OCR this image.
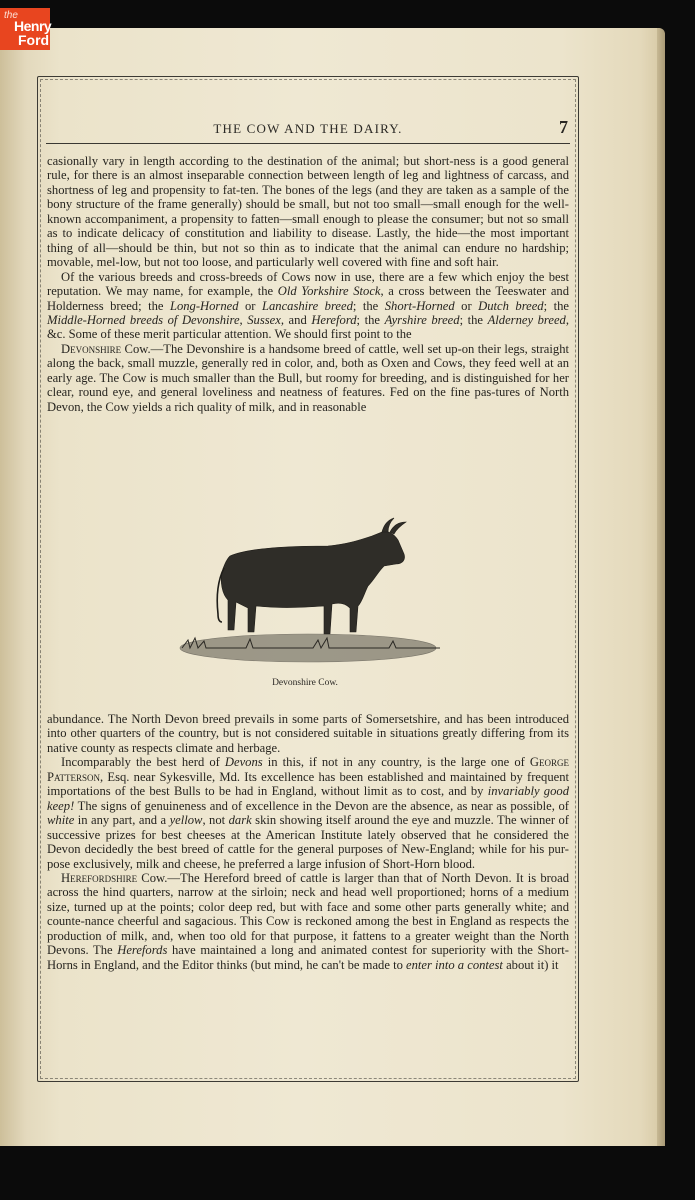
the
Henry
Ford
THE COW AND THE DAIRY.	7

casionally vary in length according to the destination of the animal; but short-ness is a good general rule, for there is an almost inseparable connection between length of leg and lightness of carcass, and shortness of leg and propensity to fat-ten. The bones of the legs (and they are taken as a sample of the bony structure of the frame generally) should be small, but not too small—small enough for the well-known accompaniment, a propensity to fatten—small enough to please the consumer; but not so small as to indicate delicacy of constitution and liability to disease. Lastly, the hide—the most important thing of all—should be thin, but not so thin as to indicate that the animal can endure no hardship; movable, mel-low, but not too loose, and particularly well covered with fine and soft hair.

Of the various breeds and cross-breeds of Cows now in use, there are a few which enjoy the best reputation. We may name, for example, the Old Yorkshire Stock, a cross between the Teeswater and Holderness breed; the Long-Horned or Lancashire breed; the Short-Horned or Dutch breed; the Middle-Horned breeds of Devonshire, Sussex, and Hereford; the Ayrshire breed; the Alderney breed, &c. Some of these merit particular attention. We should first point to the

Devonshire Cow.—The Devonshire is a handsome breed of cattle, well set up-on their legs, straight along the back, small muzzle, generally red in color, and, both as Oxen and Cows, they feed well at an early age. The Cow is much smaller than the Bull, but roomy for breeding, and is distinguished for her clear, round eye, and general loveliness and neatness of features. Fed on the fine pas-tures of North Devon, the Cow yields a rich quality of milk, and in reasonable

Devonshire Cow.

abundance. The North Devon breed prevails in some parts of Somersetshire, and has been introduced into other quarters of the country, but is not considered suitable in situations greatly differing from its native county as respects climate and herbage.

Incomparably the best herd of Devons in this, if not in any country, is the large one of George Patterson, Esq. near Sykesville, Md. Its excellence has been established and maintained by frequent importations of the best Bulls to be had in England, without limit as to cost, and by invariably good keep! The signs of genuineness and of excellence in the Devon are the absence, as near as possible, of white in any part, and a yellow, not dark skin showing itself around the eye and muzzle. The winner of successive prizes for best cheeses at the American Institute lately observed that he considered the Devon decidedly the best breed of cattle for the general purposes of New-England; while for his pur-pose exclusively, milk and cheese, he preferred a large infusion of Short-Horn blood.

Herefordshire Cow.—The Hereford breed of cattle is larger than that of North Devon. It is broad across the hind quarters, narrow at the sirloin; neck and head well proportioned; horns of a medium size, turned up at the points; color deep red, but with face and some other parts generally white; and counte-nance cheerful and sagacious. This Cow is reckoned among the best in England as respects the production of milk, and, when too old for that purpose, it fattens to a greater weight than the North Devons. The Herefords have maintained a long and animated contest for superiority with the Short-Horns in England, and the Editor thinks (but mind, he can't be made to enter into a contest about it) it
